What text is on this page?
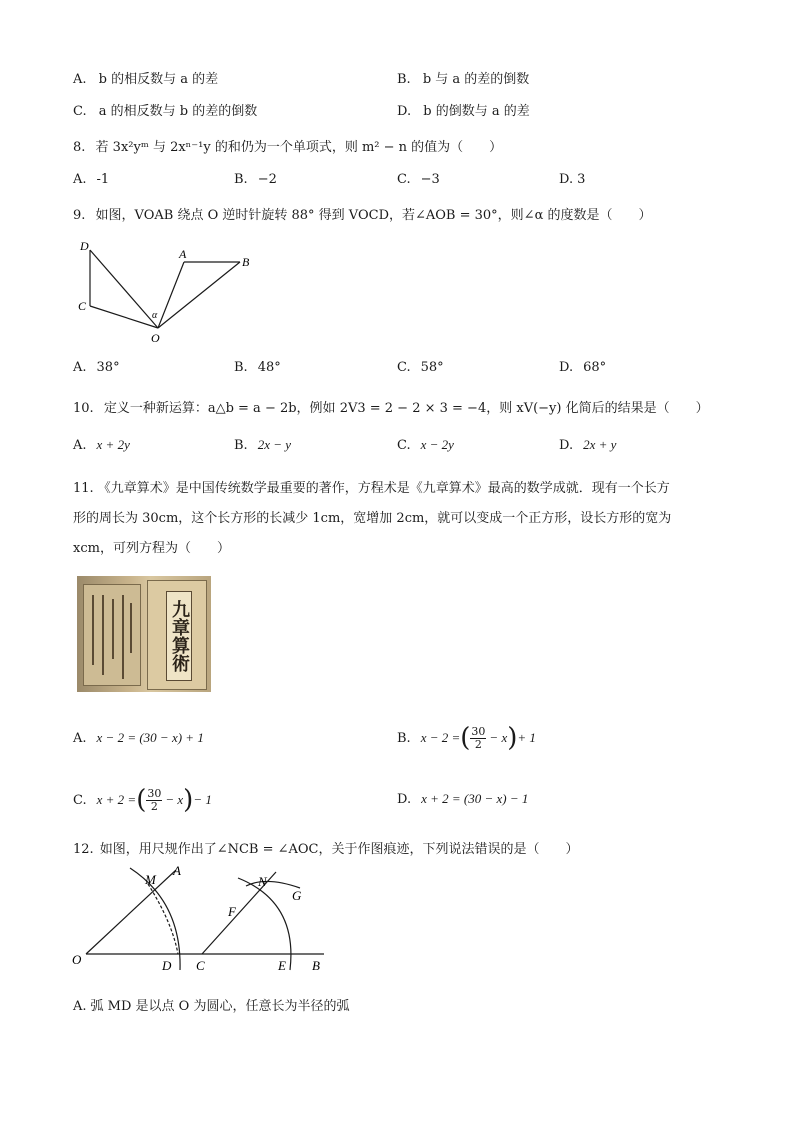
A. b 的相反数与 a 的差	B. b 与 a 的差的倒数
C. a 的相反数与 b 的差的倒数	D. b 的倒数与 a 的差
8. 若 3x²yᵐ 与 2xⁿ⁻¹y 的和仍为一个单项式，则 m² − n 的值为（　　）
A. -1	B. −2	C. −3	D. 3
9. 如图，VOAB 绕点 O 逆时针旋转 88° 得到 VOCD，若∠AOB = 30°，则∠α 的度数是（　　）
D
A
B
C
α
O
A. 38°	B. 48°	C. 58°	D. 68°
10. 定义一种新运算：a△b = a − 2b，例如 2V3 = 2 − 2 × 3 = −4，则 xV(−y) 化简后的结果是（　　）
A. x + 2y	B. 2x − y	C. x − 2y	D. 2x + y
11. 《九章算术》是中国传统数学最重要的著作，方程术是《九章算术》最高的数学成就．现有一个长方
形的周长为 30cm，这个长方形的长减少 1cm，宽增加 2cm，就可以变成一个正方形，设长方形的宽为
xcm，可列方程为（　　）
九章算術
A. x − 2 = (30 − x) + 1	B. x − 2 = ( $\frac{30}{2} - x$ ) + 1
C. x + 2 = ( $\frac{30}{2} - x$ ) − 1	D. x + 2 = (30 − x) − 1
12. 如图，用尺规作出了∠NCB = ∠AOC，关于作图痕迹，下列说法错误的是（　　）
M
A
N
G
F
O	D C	E B
A. 弧 MD 是以点 O 为圆心，任意长为半径的弧
